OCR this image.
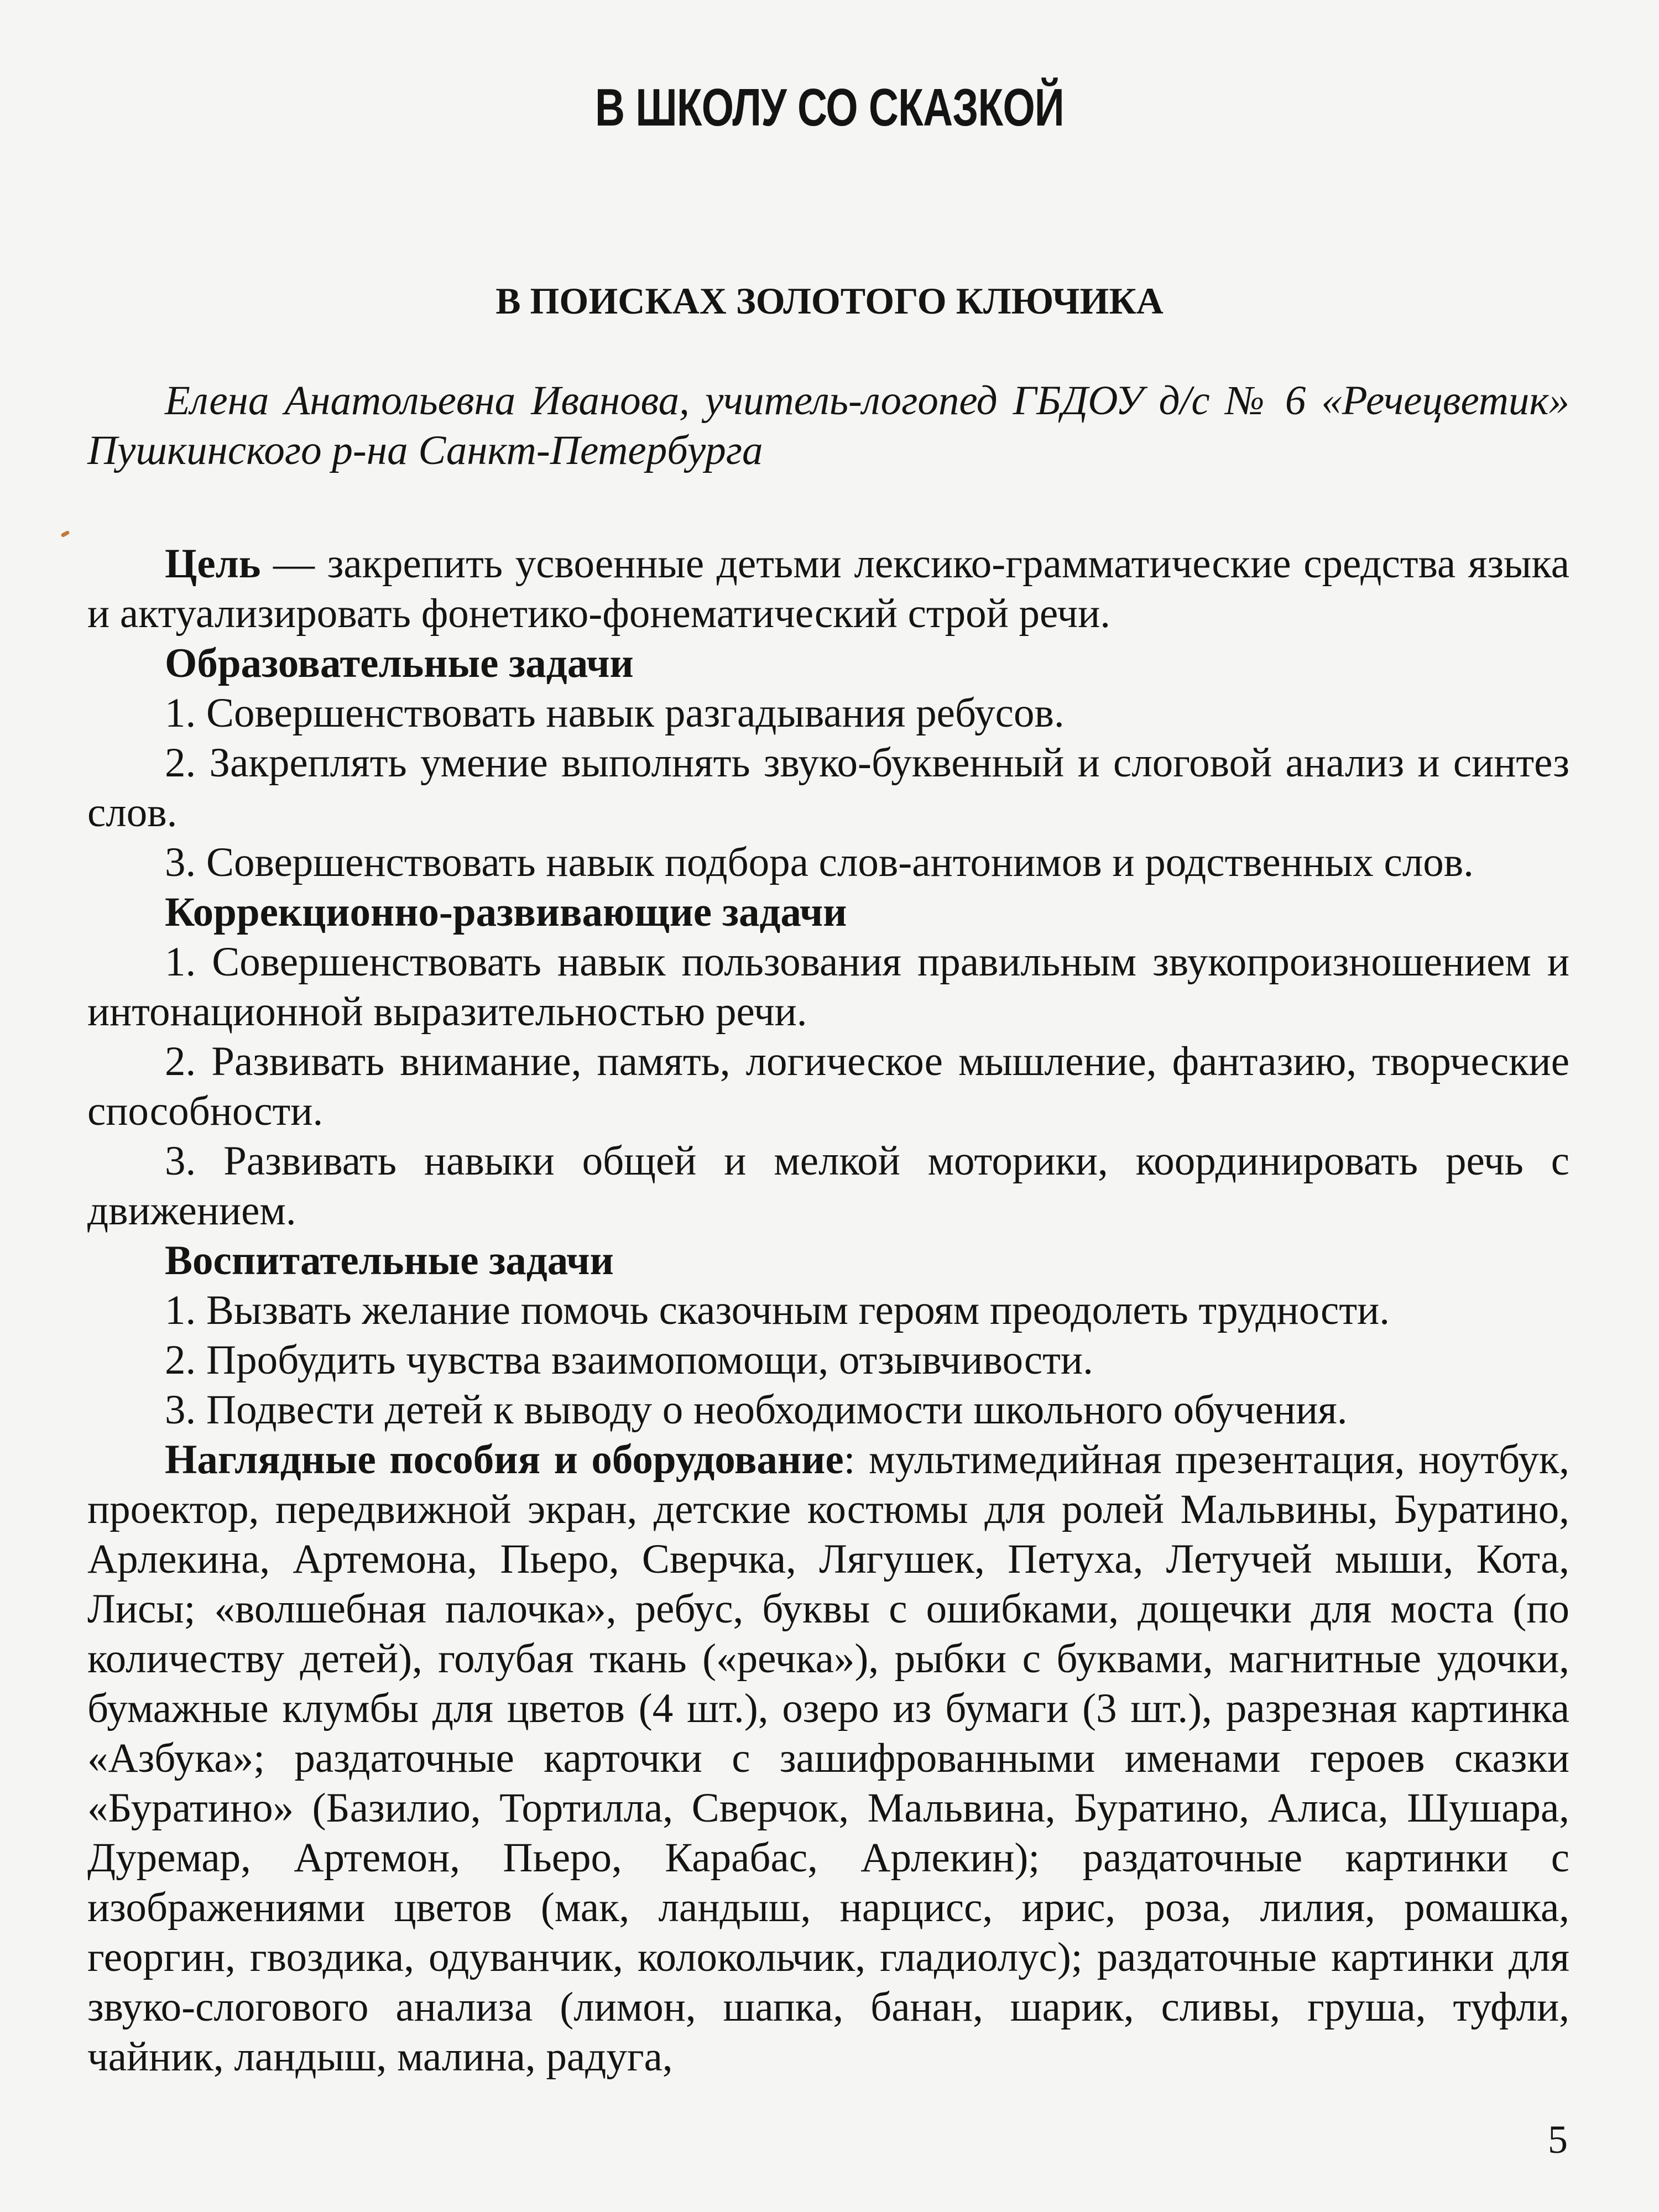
В ШКОЛУ СО СКАЗКОЙ
В ПОИСКАХ ЗОЛОТОГО КЛЮЧИКА

Елена Анатольевна Иванова, учитель-логопед ГБДОУ д/с № 6 «Речецветик» Пушкинского р-на Санкт-Петербурга

Цель — закрепить усвоенные детьми лексико-грамматические средства языка и актуализировать фонетико-фонематический строй речи.

Образовательные задачи

1. Совершенствовать навык разгадывания ребусов.

2. Закреплять умение выполнять звуко-буквенный и слоговой анализ и синтез слов.

3. Совершенствовать навык подбора слов-антонимов и родственных слов.

Коррекционно-развивающие задачи

1. Совершенствовать навык пользования правильным звукопроизношением и интонационной выразительностью речи.

2. Развивать внимание, память, логическое мышление, фантазию, творческие способности.

3. Развивать навыки общей и мелкой моторики, координировать речь с движением.

Воспитательные задачи

1. Вызвать желание помочь сказочным героям преодолеть трудности.

2. Пробудить чувства взаимопомощи, отзывчивости.

3. Подвести детей к выводу о необходимости школьного обучения.

Наглядные пособия и оборудование: мультимедийная презентация, ноутбук, проектор, передвижной экран, детские костюмы для ролей Мальвины, Буратино, Арлекина, Артемона, Пьеро, Сверчка, Лягушек, Петуха, Летучей мыши, Кота, Лисы; «волшебная палочка», ребус, буквы с ошибками, дощечки для моста (по количеству детей), голубая ткань («речка»), рыбки с буквами, магнитные удочки, бумажные клумбы для цветов (4 шт.), озеро из бумаги (3 шт.), разрезная картинка «Азбука»; раздаточные карточки с зашифрованными именами героев сказки «Буратино» (Базилио, Тортилла, Сверчок, Мальвина, Буратино, Алиса, Шушара, Дуремар, Артемон, Пьеро, Карабас, Арлекин); раздаточные картинки с изображениями цветов (мак, ландыш, нарцисс, ирис, роза, лилия, ромашка, георгин, гвоздика, одуванчик, колокольчик, гладиолус); раздаточные картинки для звуко-слогового анализа (лимон, шапка, банан, шарик, сливы, груша, туфли, чайник, ландыш, малина, радуга,

5
